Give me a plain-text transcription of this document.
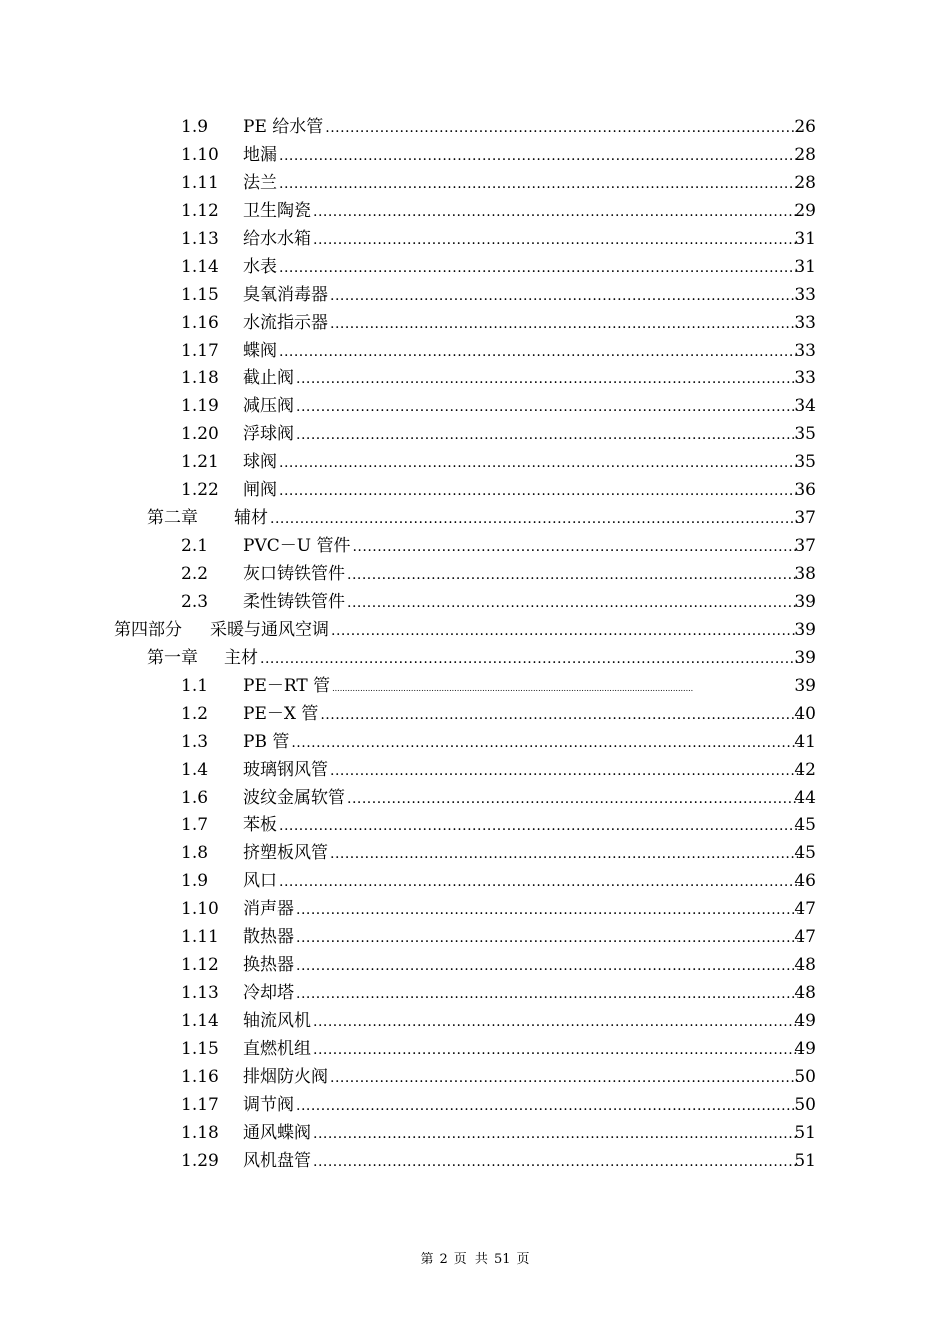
1.9 PE 给水管 .....	26
1.10 地漏 .....	28
1.11 法兰 .....	28
1.12 卫生陶瓷 .....	29
1.13 给水水箱 .....	31
1.14 水表 .....	31
1.15 臭氧消毒器 .....	33
1.16 水流指示器 .....	33
1.17 蝶阀 .....	33
1.18 截止阀 .....	33
1.19 减压阀 .....	34
1.20 浮球阀 .....	35
1.21 球阀 .....	35
1.22 闸阀 .....	36
第二章 辅材 .....	37
2.1 PVC－U 管件 .....	37
2.2 灰口铸铁管件 .....	38
2.3 柔性铸铁管件 .....	39
第四部分 采暖与通风空调 .....	39
第一章 主材 .....	39
1.1 PE－RT 管 .....	39
1.2 PE－X 管 .....	40
1.3 PB 管 .....	41
1.4 玻璃钢风管 .....	42
1.6 波纹金属软管 .....	44
1.7 苯板 .....	45
1.8 挤塑板风管 .....	45
1.9 风口 .....	46
1.10 消声器 .....	47
1.11 散热器 .....	47
1.12 换热器 .....	48
1.13 冷却塔 .....	48
1.14 轴流风机 .....	49
1.15 直燃机组 .....	49
1.16 排烟防火阀 .....	50
1.17 调节阀 .....	50
1.18 通风蝶阀 .....	51
1.29 风机盘管 .....	51
第 2 页 共 51 页
